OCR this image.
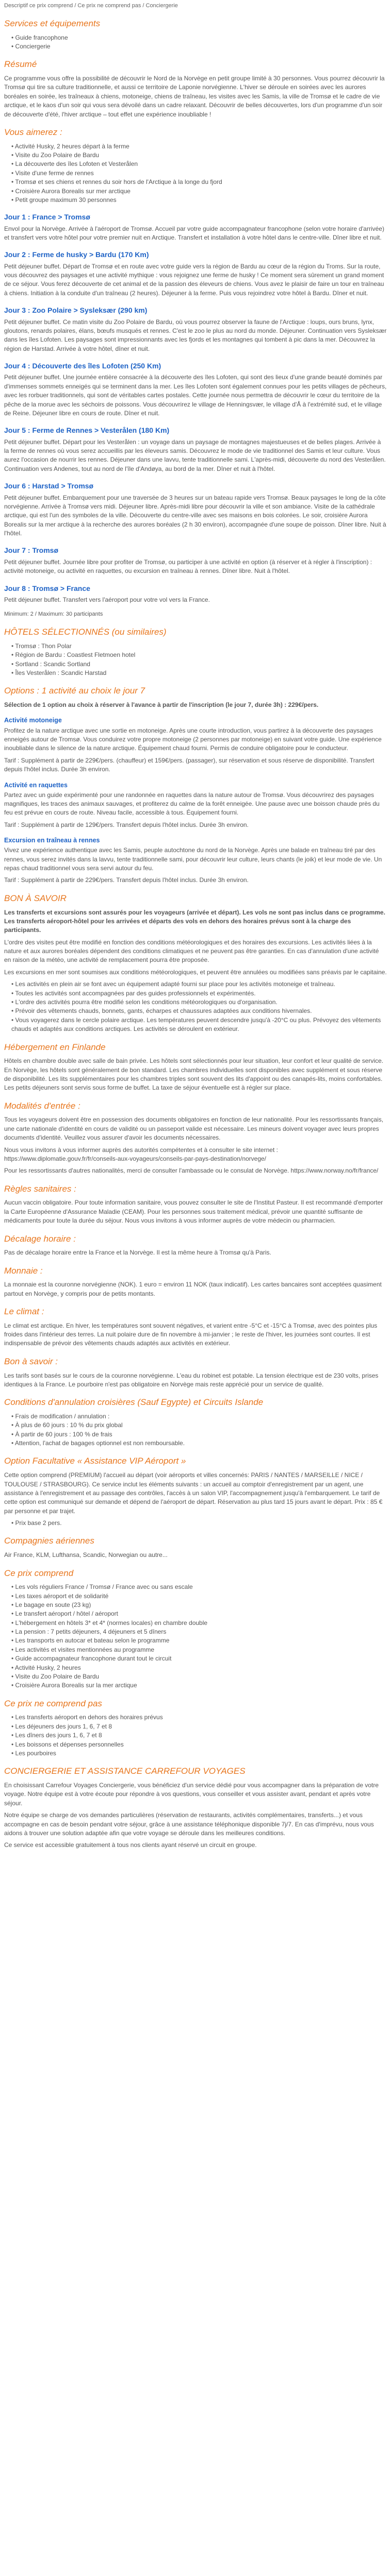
Descriptif ce prix comprend / Ce prix ne comprend pas / Conciergerie

Services et équipements
• Guide francophone
• Conciergerie
Résumé

Ce programme vous offre la possibilité de découvrir le Nord de la Norvège en petit groupe limité à 30 personnes. Vous pourrez découvrir la Tromsø qui tire sa culture traditionnelle, et aussi ce territoire de Laponie norvégienne. L'hiver se déroule en soirées avec les aurores boréales en soirée, les traîneaux à chiens, motoneige, chiens de traîneau, les visites avec les Samis, la ville de Tromsø et le cadre de vie arctique, et le kaos d'un soir qui vous sera dévoilé dans un cadre relaxant. Découvrir de belles découvertes, lors d'un programme d'un soir de découverte d'été, l'hiver arctique – tout effet une expérience inoubliable !

Vous aimerez :
• Activité Husky, 2 heures départ à la ferme
• Visite du Zoo Polaire de Bardu
• La découverte des îles Lofoten et Vesterålen
• Visite d'une ferme de rennes
• Tromsø et ses chiens et rennes du soir hors de l'Arctique à la longe du fjord
• Croisière Aurora Borealis sur mer arctique
• Petit groupe maximum 30 personnes
Jour 1 : France > Tromsø

Envol pour la Norvège. Arrivée à l'aéroport de Tromsø. Accueil par votre guide accompagnateur francophone (selon votre horaire d'arrivée) et transfert vers votre hôtel pour votre premier nuit en Arctique. Transfert et installation à votre hôtel dans le centre-ville. Dîner libre et nuit.

Jour 2 : Ferme de husky > Bardu (170 Km)

Petit déjeuner buffet. Départ de Tromsø et en route avec votre guide vers la région de Bardu au cœur de la région du Troms. Sur la route, vous découvrez des paysages et une activité mythique : vous rejoignez une ferme de husky ! Ce moment sera sûrement un grand moment de ce séjour. Vous ferez découverte de cet animal et de la passion des éleveurs de chiens. Vous avez le plaisir de faire un tour en traîneau à chiens. Initiation à la conduite d'un traîneau (2 heures). Déjeuner à la ferme. Puis vous rejoindrez votre hôtel à Bardu. Dîner et nuit.

Jour 3 : Zoo Polaire > Sysleksær (290 km)

Petit déjeuner buffet. Ce matin visite du Zoo Polaire de Bardu, où vous pourrez observer la faune de l'Arctique : loups, ours bruns, lynx, gloutons, renards polaires, élans, bœufs musqués et rennes. C'est le zoo le plus au nord du monde. Déjeuner. Continuation vers Sysleksær dans les îles Lofoten. Les paysages sont impressionnants avec les fjords et les montagnes qui tombent à pic dans la mer. Découvrez la région de Harstad. Arrivée à votre hôtel, dîner et nuit.

Jour 4 : Découverte des îles Lofoten (250 Km)

Petit déjeuner buffet. Une journée entière consacrée à la découverte des îles Lofoten, qui sont des lieux d'une grande beauté dominés par d'immenses sommets enneigés qui se terminent dans la mer. Les îles Lofoten sont également connues pour les petits villages de pêcheurs, avec les rorbuer traditionnels, qui sont de véritables cartes postales. Cette journée nous permettra de découvrir le cœur du territoire de la pêche de la morue avec les séchoirs de poissons. Vous découvrirez le village de Henningsvær, le village d'Å à l'extrémité sud, et le village de Reine. Déjeuner libre en cours de route. Dîner et nuit.

Jour 5 : Ferme de Rennes > Vesterålen (180 Km)

Petit déjeuner buffet. Départ pour les Vesterålen : un voyage dans un paysage de montagnes majestueuses et de belles plages. Arrivée à la ferme de rennes où vous serez accueillis par les éleveurs samis. Découvrez le mode de vie traditionnel des Samis et leur culture. Vous aurez l'occasion de nourrir les rennes. Déjeuner dans une lavvu, tente traditionnelle sami. L'après-midi, découverte du nord des Vesterålen. Continuation vers Andenes, tout au nord de l'île d'Andøya, au bord de la mer. Dîner et nuit à l'hôtel.

Jour 6 : Harstad > Tromsø

Petit déjeuner buffet. Embarquement pour une traversée de 3 heures sur un bateau rapide vers Tromsø. Beaux paysages le long de la côte norvégienne. Arrivée à Tromsø vers midi. Déjeuner libre. Après-midi libre pour découvrir la ville et son ambiance. Visite de la cathédrale arctique, qui est l'un des symboles de la ville. Découverte du centre-ville avec ses maisons en bois colorées. Le soir, croisière Aurora Borealis sur la mer arctique à la recherche des aurores boréales (2 h 30 environ), accompagnée d'une soupe de poisson. Dîner libre. Nuit à l'hôtel.

Jour 7 : Tromsø

Petit déjeuner buffet. Journée libre pour profiter de Tromsø, ou participer à une activité en option (à réserver et à régler à l'inscription) : activité motoneige, ou activité en raquettes, ou excursion en traîneau à rennes. Dîner libre. Nuit à l'hôtel.

Jour 8 : Tromsø > France

Petit déjeuner buffet. Transfert vers l'aéroport pour votre vol vers la France.

Minimum: 2 / Maximum: 30 participants

HÔTELS SÉLECTIONNÉS (ou similaires)
• Tromsø : Thon Polar
• Région de Bardu : Coastlest Fletmoen hotel
• Sortland : Scandic Sortland
• Îles Vesterålen : Scandic Harstad
Options : 1 activité au choix le jour 7

Sélection de 1 option au choix à réserver à l'avance à partir de l'inscription (le jour 7, durée 3h) : 229€/pers.

Activité motoneige

Profitez de la nature arctique avec une sortie en motoneige. Après une courte introduction, vous partirez à la découverte des paysages enneigés autour de Tromsø. Vous conduirez votre propre motoneige (2 personnes par motoneige) en suivant votre guide. Une expérience inoubliable dans le silence de la nature arctique. Équipement chaud fourni. Permis de conduire obligatoire pour le conducteur.

Tarif : Supplément à partir de 229€/pers. (chauffeur) et 159€/pers. (passager), sur réservation et sous réserve de disponibilité. Transfert depuis l'hôtel inclus. Durée 3h environ.

Activité en raquettes

Partez avec un guide expérimenté pour une randonnée en raquettes dans la nature autour de Tromsø. Vous découvrirez des paysages magnifiques, les traces des animaux sauvages, et profiterez du calme de la forêt enneigée. Une pause avec une boisson chaude près du feu est prévue en cours de route. Niveau facile, accessible à tous. Équipement fourni.

Tarif : Supplément à partir de 129€/pers. Transfert depuis l'hôtel inclus. Durée 3h environ.

Excursion en traîneau à rennes

Vivez une expérience authentique avec les Samis, peuple autochtone du nord de la Norvège. Après une balade en traîneau tiré par des rennes, vous serez invités dans la lavvu, tente traditionnelle sami, pour découvrir leur culture, leurs chants (le joik) et leur mode de vie. Un repas chaud traditionnel vous sera servi autour du feu.

Tarif : Supplément à partir de 229€/pers. Transfert depuis l'hôtel inclus. Durée 3h environ.

BON À SAVOIR

Les transferts et excursions sont assurés pour les voyageurs (arrivée et départ). Les vols ne sont pas inclus dans ce programme. Les transferts aéroport-hôtel pour les arrivées et départs des vols en dehors des horaires prévus sont à la charge des participants.

L'ordre des visites peut être modifié en fonction des conditions météorologiques et des horaires des excursions. Les activités liées à la nature et aux aurores boréales dépendent des conditions climatiques et ne peuvent pas être garanties. En cas d'annulation d'une activité en raison de la météo, une activité de remplacement pourra être proposée.

Les excursions en mer sont soumises aux conditions météorologiques, et peuvent être annulées ou modifiées sans préavis par le capitaine.

• Les activités en plein air se font avec un équipement adapté fourni sur place pour les activités motoneige et traîneau.
• Toutes les activités sont accompagnées par des guides professionnels et expérimentés.
• L'ordre des activités pourra être modifié selon les conditions météorologiques ou d'organisation.
• Prévoir des vêtements chauds, bonnets, gants, écharpes et chaussures adaptées aux conditions hivernales.
• Vous voyagerez dans le cercle polaire arctique. Les températures peuvent descendre jusqu'à -20°C ou plus. Prévoyez des vêtements chauds et adaptés aux conditions arctiques. Les activités se déroulent en extérieur.
Hébergement en Finlande

Hôtels en chambre double avec salle de bain privée. Les hôtels sont sélectionnés pour leur situation, leur confort et leur qualité de service. En Norvège, les hôtels sont généralement de bon standard. Les chambres individuelles sont disponibles avec supplément et sous réserve de disponibilité. Les lits supplémentaires pour les chambres triples sont souvent des lits d'appoint ou des canapés-lits, moins confortables. Les petits déjeuners sont servis sous forme de buffet. La taxe de séjour éventuelle est à régler sur place.

Modalités d'entrée :

Tous les voyageurs doivent être en possession des documents obligatoires en fonction de leur nationalité. Pour les ressortissants français, une carte nationale d'identité en cours de validité ou un passeport valide est nécessaire. Les mineurs doivent voyager avec leurs propres documents d'identité. Veuillez vous assurer d'avoir les documents nécessaires.

Nous vous invitons à vous informer auprès des autorités compétentes et à consulter le site internet : https://www.diplomatie.gouv.fr/fr/conseils-aux-voyageurs/conseils-par-pays-destination/norvege/

Pour les ressortissants d'autres nationalités, merci de consulter l'ambassade ou le consulat de Norvège. https://www.norway.no/fr/france/

Règles sanitaires :

Aucun vaccin obligatoire. Pour toute information sanitaire, vous pouvez consulter le site de l'Institut Pasteur. Il est recommandé d'emporter la Carte Européenne d'Assurance Maladie (CEAM). Pour les personnes sous traitement médical, prévoir une quantité suffisante de médicaments pour toute la durée du séjour. Nous vous invitons à vous informer auprès de votre médecin ou pharmacien.

Décalage horaire :

Pas de décalage horaire entre la France et la Norvège. Il est la même heure à Tromsø qu'à Paris.

Monnaie :

La monnaie est la couronne norvégienne (NOK). 1 euro = environ 11 NOK (taux indicatif). Les cartes bancaires sont acceptées quasiment partout en Norvège, y compris pour de petits montants.

Le climat :

Le climat est arctique. En hiver, les températures sont souvent négatives, et varient entre -5°C et -15°C à Tromsø, avec des pointes plus froides dans l'intérieur des terres. La nuit polaire dure de fin novembre à mi-janvier ; le reste de l'hiver, les journées sont courtes. Il est indispensable de prévoir des vêtements chauds adaptés aux activités en extérieur.

Bon à savoir :

Les tarifs sont basés sur le cours de la couronne norvégienne. L'eau du robinet est potable. La tension électrique est de 230 volts, prises identiques à la France. Le pourboire n'est pas obligatoire en Norvège mais reste apprécié pour un service de qualité.

Conditions d'annulation croisières (Sauf Egypte) et Circuits Islande
• Frais de modification / annulation :
• À plus de 60 jours : 10 % du prix global
• À partir de 60 jours : 100 % de frais
• Attention, l'achat de bagages optionnel est non remboursable.
Option Facultative « Assistance VIP Aéroport »

Cette option comprend (PREMIUM) l'accueil au départ (voir aéroports et villes concernés: PARIS / NANTES / MARSEILLE / NICE / TOULOUSE / STRASBOURG). Ce service inclut les éléments suivants : un accueil au comptoir d'enregistrement par un agent, une assistance à l'enregistrement et au passage des contrôles, l'accès à un salon VIP, l'accompagnement jusqu'à l'embarquement. Le tarif de cette option est communiqué sur demande et dépend de l'aéroport de départ. Réservation au plus tard 15 jours avant le départ. Prix : 85 € par personne et par trajet.

• Prix base 2 pers.
Compagnies aériennes

Air France, KLM, Lufthansa, Scandic, Norwegian ou autre...

Ce prix comprend
• Les vols réguliers France / Tromsø / France avec ou sans escale
• Les taxes aéroport et de solidarité
• Le bagage en soute (23 kg)
• Le transfert aéroport / hôtel / aéroport
• L'hébergement en hôtels 3* et 4* (normes locales) en chambre double
• La pension : 7 petits déjeuners, 4 déjeuners et 5 dîners
• Les transports en autocar et bateau selon le programme
• Les activités et visites mentionnées au programme
• Guide accompagnateur francophone durant tout le circuit
• Activité Husky, 2 heures
• Visite du Zoo Polaire de Bardu
• Croisière Aurora Borealis sur la mer arctique
Ce prix ne comprend pas
• Les transferts aéroport en dehors des horaires prévus
• Les déjeuners des jours 1, 6, 7 et 8
• Les dîners des jours 1, 6, 7 et 8
• Les boissons et dépenses personnelles
• Les pourboires
CONCIERGERIE ET ASSISTANCE CARREFOUR VOYAGES

En choisissant Carrefour Voyages Conciergerie, vous bénéficiez d'un service dédié pour vous accompagner dans la préparation de votre voyage. Notre équipe est à votre écoute pour répondre à vos questions, vous conseiller et vous assister avant, pendant et après votre séjour.

Notre équipe se charge de vos demandes particulières (réservation de restaurants, activités complémentaires, transferts...) et vous accompagne en cas de besoin pendant votre séjour, grâce à une assistance téléphonique disponible 7j/7. En cas d'imprévu, nous vous aidons à trouver une solution adaptée afin que votre voyage se déroule dans les meilleures conditions.

Ce service est accessible gratuitement à tous nos clients ayant réservé un circuit en groupe.
